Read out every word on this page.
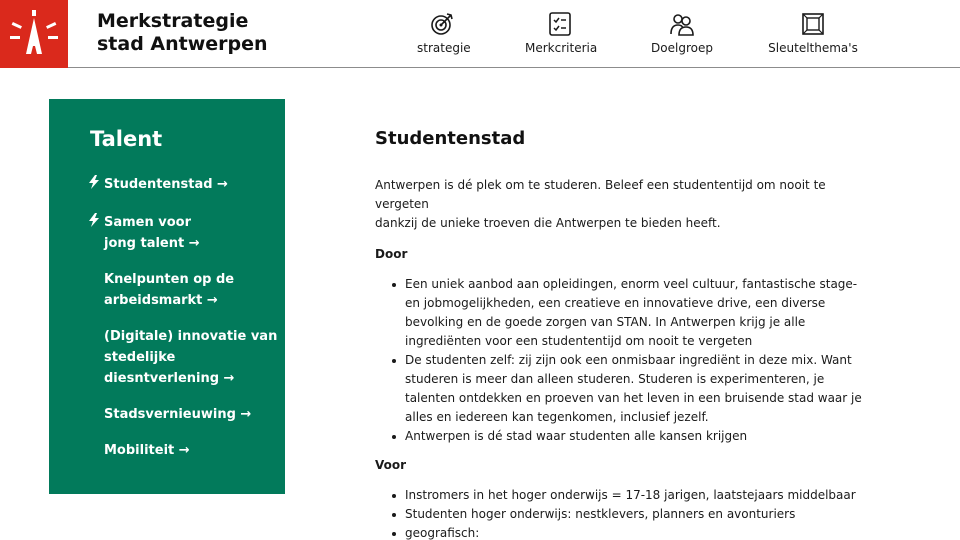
Merkstrategie
stad Antwerpen	strategie	Merkcriteria	Doelgroep	Sleutelthema's
Talent
Studentenstad →
Samen voor
jong talent →
Knelpunten op de
arbeidsmarkt →
(Digitale) innovatie van
stedelijke
diesntverlening →
Stadsvernieuwing →
Mobiliteit →
Studentenstad
Antwerpen is dé plek om te studeren. Beleef een studententijd om nooit te vergeten
dankzij de unieke troeven die Antwerpen te bieden heeft.
Door
Een uniek aanbod aan opleidingen, enorm veel cultuur, fantastische stage- en jobmogelijkheden, een creatieve en innovatieve drive, een diverse bevolking en de goede zorgen van STAN. In Antwerpen krijg je alle ingrediënten voor een studententijd om nooit te vergeten
De studenten zelf: zij zijn ook een onmisbaar ingrediënt in deze mix. Want studeren is meer dan alleen studeren. Studeren is experimenteren, je talenten ontdekken en proeven van het leven in een bruisende stad waar je alles en iedereen kan tegenkomen, inclusief jezelf.
Antwerpen is dé stad waar studenten alle kansen krijgen
Voor
Instromers in het hoger onderwijs = 17-18 jarigen, laatstejaars middelbaar
Studenten hoger onderwijs: nestklevers, planners en avonturiers
geografisch:
